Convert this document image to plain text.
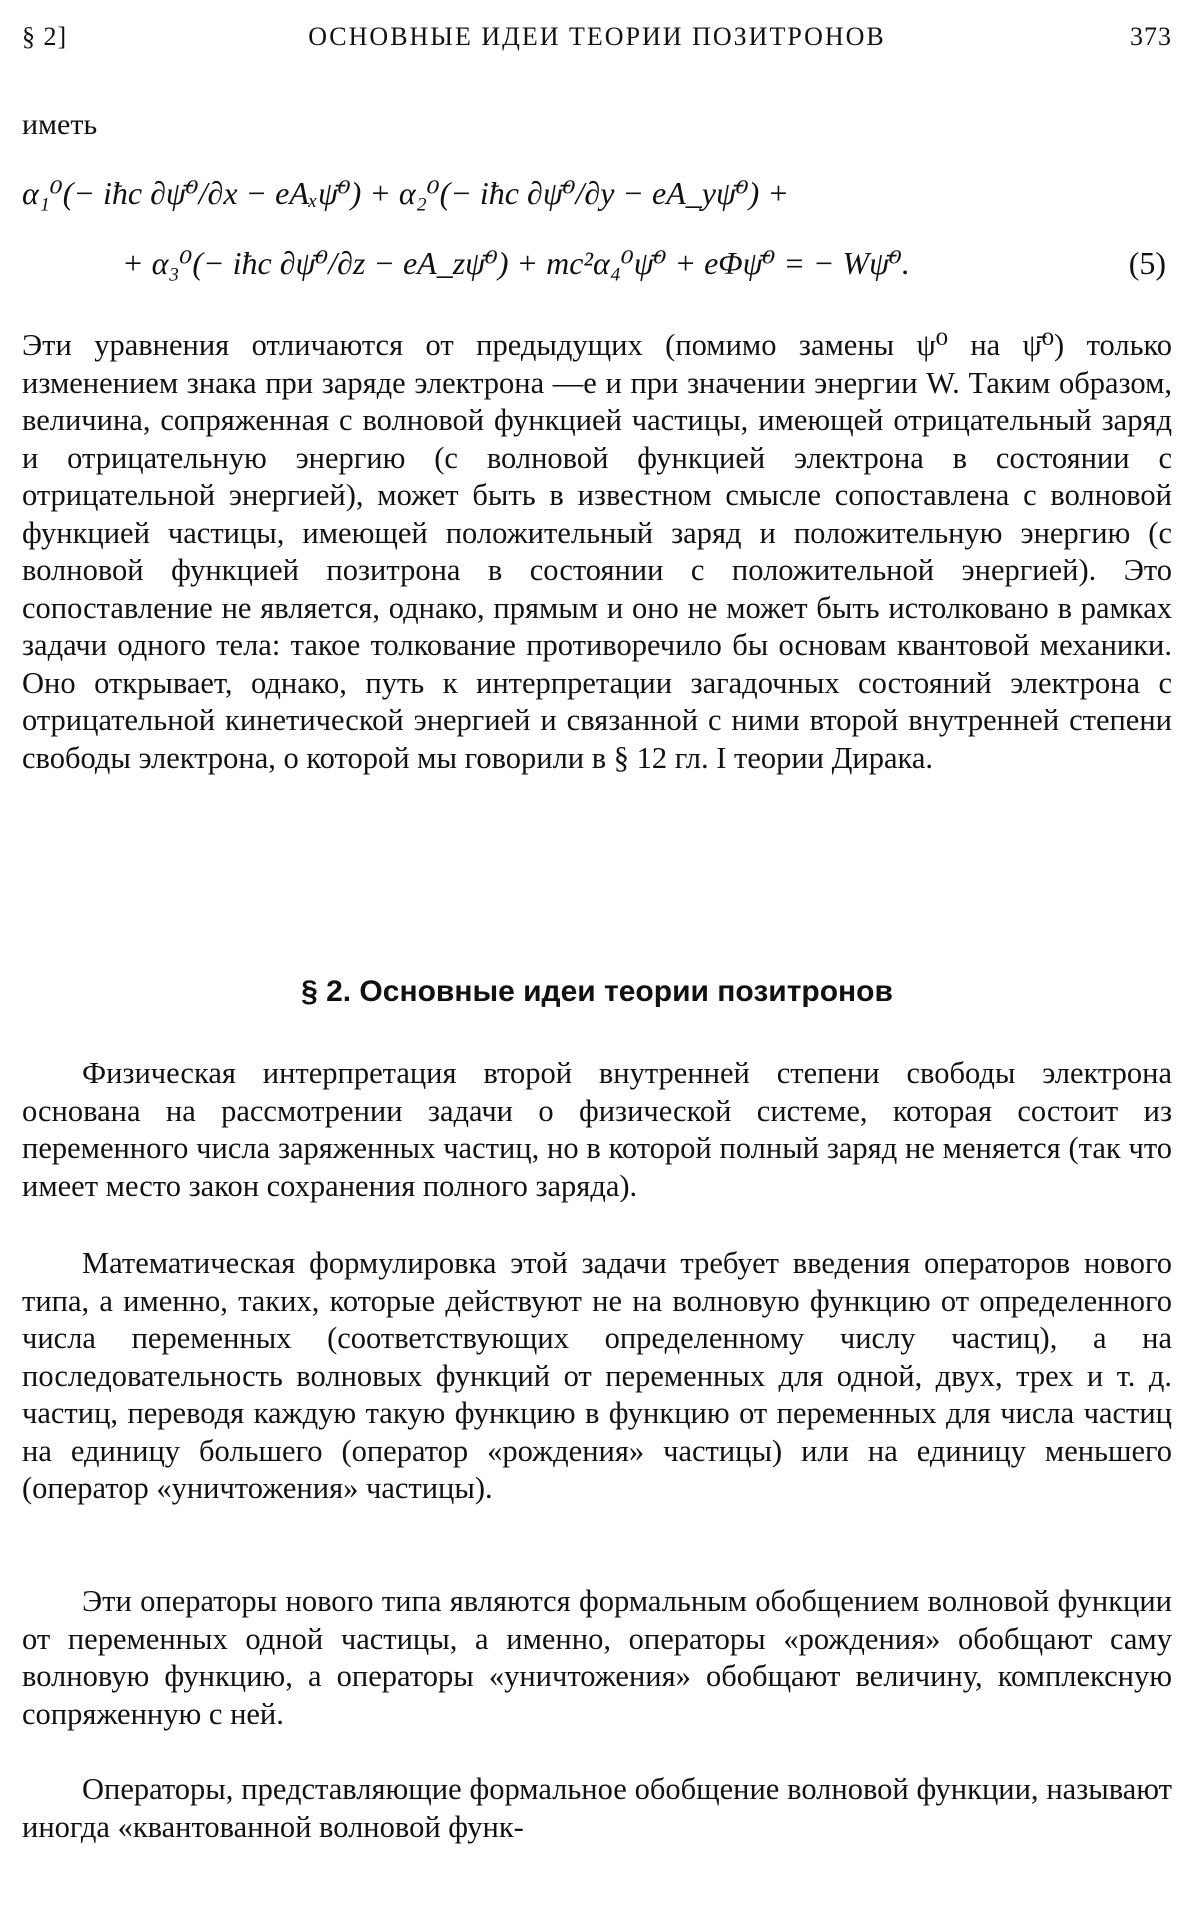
§ 2]	ОСНОВНЫЕ ИДЕИ ТЕОРИИ ПОЗИТРОНОВ	373
иметь
α₁⁰(− iħc ∂ψ̄⁰/∂x − eAₓψ̄⁰) + α₂⁰(− iħc ∂ψ̄⁰/∂y − eA_yψ̄⁰) +
+ α₃⁰(− iħc ∂ψ̄⁰/∂z − eA_zψ̄⁰) + mc²α₄⁰ψ̄⁰ + eΦψ̄⁰ = − Wψ̄⁰.	(5)

Эти уравнения отличаются от предыдущих (помимо замены ψ⁰ на ψ̄⁰) только изменением знака при заряде электрона —e и при значении энергии W. Таким образом, величина, сопряженная с волновой функцией частицы, имеющей отрицательный заряд и отрицательную энергию (с волновой функцией электрона в состоянии с отрицательной энергией), может быть в известном смысле сопоставлена с волновой функцией частицы, имеющей положительный заряд и положительную энергию (с волновой функцией позитрона в состоянии с положительной энергией). Это сопоставление не является, однако, прямым и оно не может быть истолковано в рамках задачи одного тела: такое толкование противоречило бы основам квантовой механики. Оно открывает, однако, путь к интерпретации загадочных состояний электрона с отрицательной кинетической энергией и связанной с ними второй внутренней степени свободы электрона, о которой мы говорили в § 12 гл. I теории Дирака.

§ 2. Основные идеи теории позитронов

Физическая интерпретация второй внутренней степени свободы электрона основана на рассмотрении задачи о физической системе, которая состоит из переменного числа заряженных частиц, но в которой полный заряд не меняется (так что имеет место закон сохранения полного заряда).

Математическая формулировка этой задачи требует введения операторов нового типа, а именно, таких, которые действуют не на волновую функцию от определенного числа переменных (соответствующих определенному числу частиц), а на последовательность волновых функций от переменных для одной, двух, трех и т. д. частиц, переводя каждую такую функцию в функцию от переменных для числа частиц на единицу большего (оператор «рождения» частицы) или на единицу меньшего (оператор «уничтожения» частицы).

Эти операторы нового типа являются формальным обобщением волновой функции от переменных одной частицы, а именно, операторы «рождения» обобщают саму волновую функцию, а операторы «уничтожения» обобщают величину, комплексную сопряженную с ней.

Операторы, представляющие формальное обобщение волновой функции, называют иногда «квантованной волновой функ-
